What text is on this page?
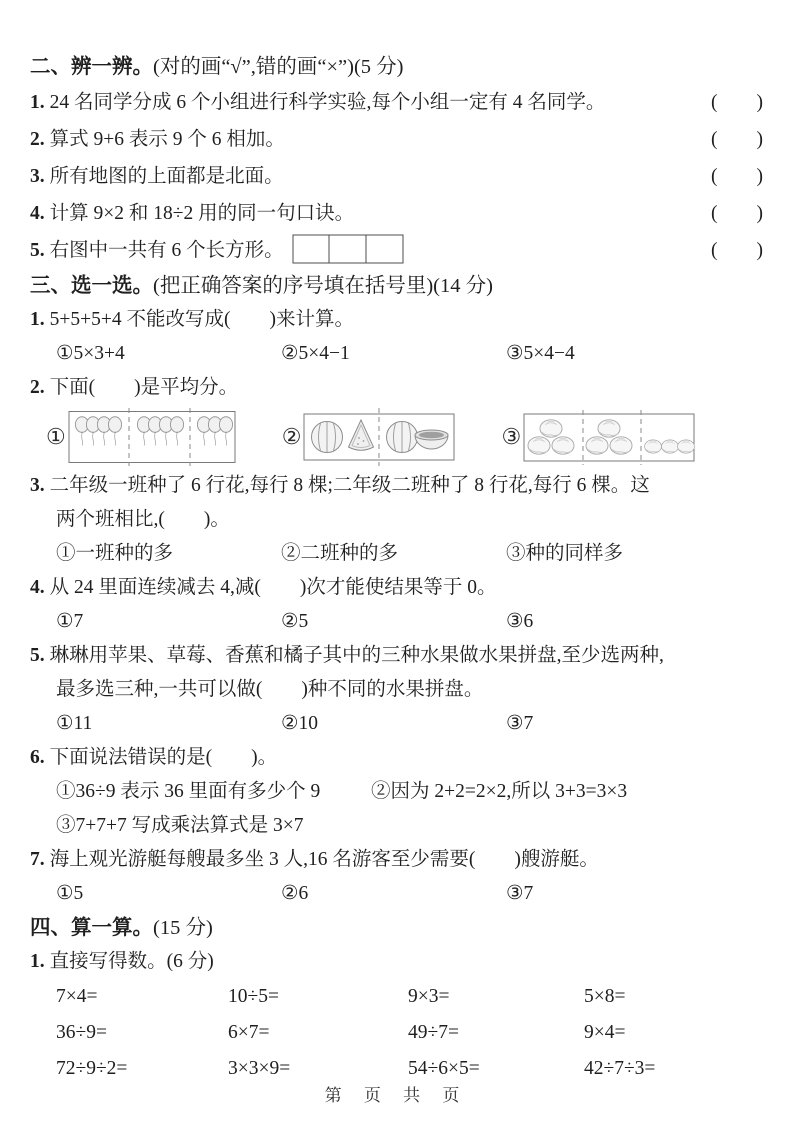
二、辨一辨。(对的画“√”,错的画“×”)(5 分)
1. 24 名同学分成 6 个小组进行科学实验,每个小组一定有 4 名同学。	(　　)
2. 算式 9+6 表示 9 个 6 相加。	(　　)
3. 所有地图的上面都是北面。	(　　)
4. 计算 9×2 和 18÷2 用的同一句口诀。	(　　)
5. 右图中一共有 6 个长方形。	(　　)
三、选一选。(把正确答案的序号填在括号里)(14 分)
1. 5+5+5+4 不能改写成(　　)来计算。
①5×3+4	②5×4−1	③5×4−4
2. 下面(　　)是平均分。
①	②	③
3. 二年级一班种了 6 行花,每行 8 棵;二年级二班种了 8 行花,每行 6 棵。这
两个班相比,(　　)。
①一班种的多	②二班种的多	③种的同样多
4. 从 24 里面连续减去 4,减(　　)次才能使结果等于 0。
①7	②5	③6
5. 琳琳用苹果、草莓、香蕉和橘子其中的三种水果做水果拼盘,至少选两种,
最多选三种,一共可以做(　　)种不同的水果拼盘。
①11	②10	③7
6. 下面说法错误的是(　　)。
①36÷9 表示 36 里面有多少个 9	②因为 2+2=2×2,所以 3+3=3×3
③7+7+7 写成乘法算式是 3×7
7. 海上观光游艇每艘最多坐 3 人,16 名游客至少需要(　　)艘游艇。
①5	②6	③7
四、算一算。(15 分)
1. 直接写得数。(6 分)
7×4=	10÷5=	9×3=	5×8=
36÷9=	6×7=	49÷7=	9×4=
72÷9÷2=	3×3×9=	54÷6×5=	42÷7÷3=
第 页 共 页
